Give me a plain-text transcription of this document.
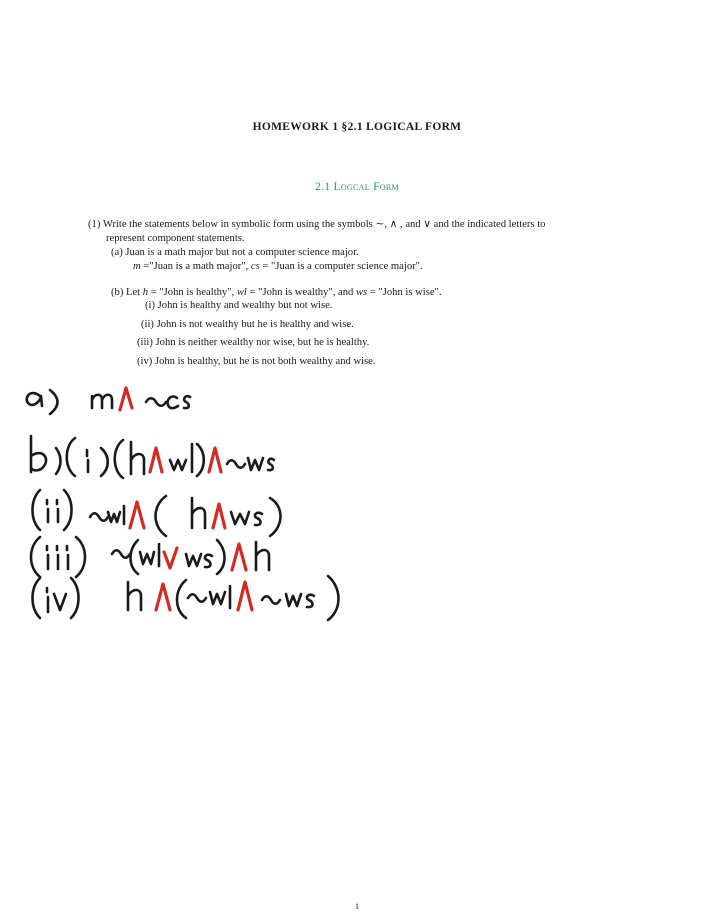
HOMEWORK 1 §2.1 LOGICAL FORM
2.1 Logcal Form
(1) Write the statements below in symbolic form using the symbols ∼, ∧ , and ∨ and the indicated letters to
represent component statements.
(a) Juan is a math major but not a computer science major.
m ="Juan is a math major", cs = "Juan is a computer science major".
(b) Let h = "John is healthy", wl = "John is wealthy", and ws = "John is wise".
(i) John is healthy and wealthy but not wise.
(ii) John is not wealthy but he is healthy and wise.
(iii) John is neither wealthy nor wise, but he is healthy.
(iv) John is healthy, but he is not both wealthy and wise.
1
